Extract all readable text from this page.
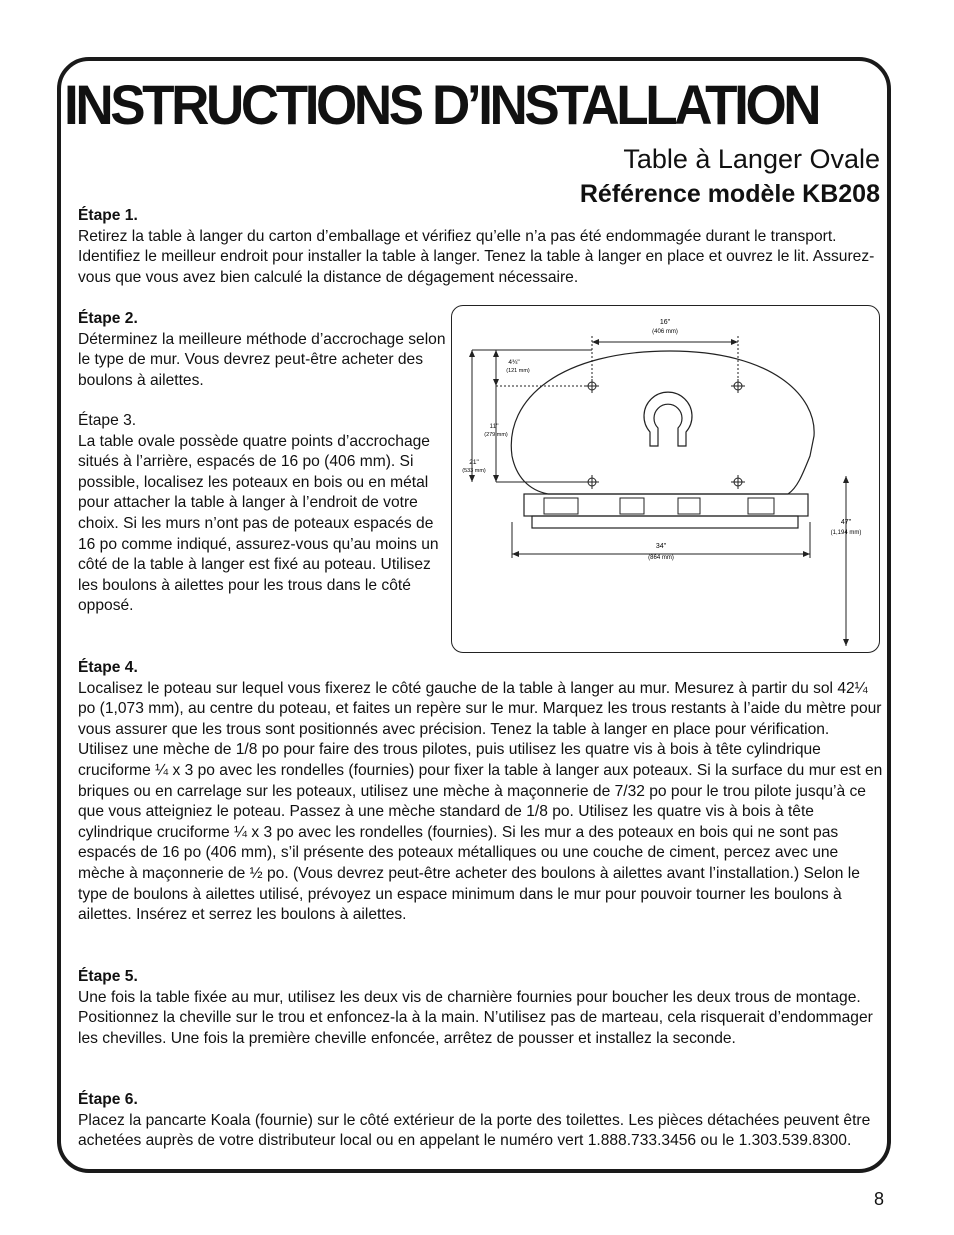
INSTRUCTIONS D’INSTALLATION
Table à Langer Ovale
Référence modèle KB208
Étape 1.
Retirez la table à langer du carton d’emballage et vérifiez qu’elle n’a pas été endommagée durant le transport. Identifiez le meilleur endroit pour installer la table à langer. Tenez la table à langer en place et ouvrez le lit. Assurez-vous que vous avez bien calculé la distance de dégagement nécessaire.
Étape 2.
Déterminez la meilleure méthode d’accrochage selon le type de mur. Vous devrez peut-être acheter des boulons à ailettes.
Étape 3.
La table ovale possède quatre points d’accrochage situés à l’arrière, espacés de 16 po (406 mm). Si possible, localisez les poteaux en bois ou en métal pour attacher la table à langer à l’endroit de votre choix. Si les murs n’ont pas de poteaux espacés de 16 po comme indiqué, assurez-vous qu’au moins un côté de la table à langer est fixé au poteau. Utilisez les boulons à ailettes pour les trous dans le côté opposé.
16"
(406 mm)
4¾"
(121 mm)
11"
(279 mm)
21"
(533 mm)
34"
(864 mm)
47"
(1,194 mm)
Étape 4.
Localisez le poteau sur lequel vous fixerez le côté gauche de la table à langer au mur. Mesurez à partir du sol 42¼ po (1,073 mm), au centre du poteau, et faites un repère sur le mur. Marquez les trous restants à l’aide du mètre pour vous assurer que les trous sont positionnés avec précision. Tenez la table à langer en place pour vérification. Utilisez une mèche de 1/8 po pour faire des trous pilotes, puis utilisez les quatre vis à bois à tête cylindrique cruciforme ¼ x 3 po avec les rondelles (fournies) pour fixer la table à langer aux poteaux. Si la surface du mur est en briques ou en carrelage sur les poteaux, utilisez une mèche à maçonnerie de 7/32 po pour le trou pilote jusqu’à ce que vous atteigniez le poteau. Passez à une mèche standard de 1/8 po. Utilisez les quatre vis à bois à tête cylindrique cruciforme ¼ x 3 po avec les rondelles (fournies). Si les mur a des poteaux en bois qui ne sont pas espacés de 16 po (406 mm), s’il présente des poteaux métalliques ou une couche de ciment, percez avec une mèche à maçonnerie de ½ po. (Vous devrez peut-être acheter des boulons à ailettes avant l’installation.) Selon le type de boulons à ailettes utilisé, prévoyez un espace minimum dans le mur pour pouvoir tourner les boulons à ailettes. Insérez et serrez les boulons à ailettes.
Étape 5.
Une fois la table fixée au mur, utilisez les deux vis de charnière fournies pour boucher les deux trous de montage. Positionnez la cheville sur le trou et enfoncez-la à la main. N’utilisez pas de marteau, cela risquerait d’endommager les chevilles. Une fois la première cheville enfoncée, arrêtez de pousser et installez la seconde.
Étape 6.
Placez la pancarte Koala (fournie) sur le côté extérieur de la porte des toilettes. Les pièces détachées peuvent être achetées auprès de votre distributeur local ou en appelant le numéro vert 1.888.733.3456 ou le 1.303.539.8300.
8
